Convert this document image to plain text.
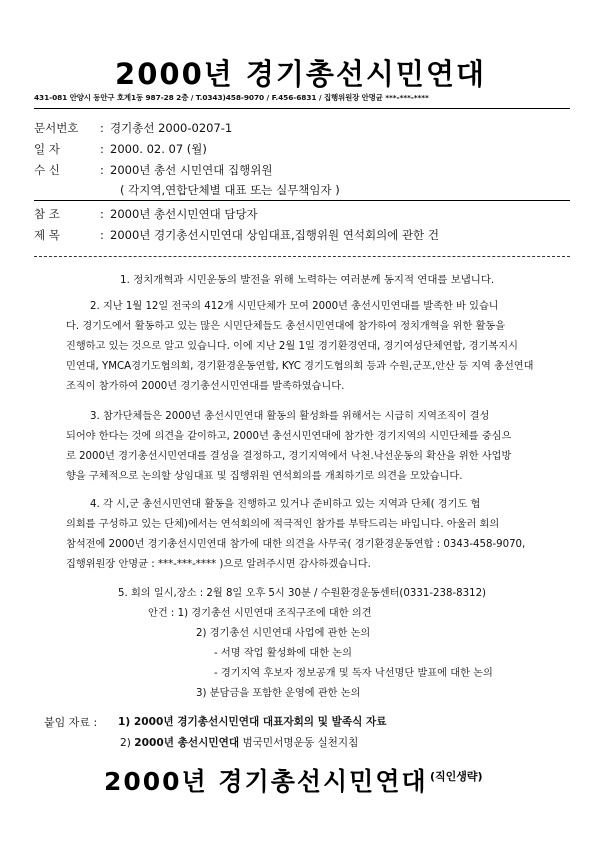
2000년 경기총선시민연대
431-081 안양시 동안구 호계1동 987-28 2층 / T.0343)458-9070 / F.456-6831 / 집행위원장 안명균 ***-***-****
문서번호 : 경기총선 2000-0207-1
일 자	: 2000. 02. 07 (월)
수 신	: 2000년 총선 시민연대 집행위원
( 각지역,연합단체별 대표 또는 실무책임자 )
참 조	: 2000년 총선시민연대 담당자
제 목	: 2000년 경기총선시민연대 상임대표,집행위원 연석회의에 관한 건
1. 정치개혁과 시민운동의 발전을 위해 노력하는 여러분께 동지적 연대를 보냅니다.
2. 지난 1월 12일 전국의 412개 시민단체가 모여 2000년 총선시민연대를 발족한 바 있습니
다. 경기도에서 활동하고 있는 많은 시민단체들도 총선시민연대에 참가하여 정치개혁을 위한 활동을
진행하고 있는 것으로 알고 있습니다. 이에 지난 2월 1일 경기환경연대, 경기여성단체연합, 경기복지시
민연대, YMCA경기도협의회, 경기환경운동연합, KYC 경기도협의회 등과 수원,군포,안산 등 지역 총선연대
조직이 참가하여 2000년 경기총선시민연대를 발족하였습니다.
3. 참가단체들은 2000년 총선시민연대 활동의 활성화를 위해서는 시급히 지역조직이 결성
되어야 한다는 것에 의견을 같이하고, 2000년 총선시민연대에 참가한 경기지역의 시민단체를 중심으
로 2000년 경기총선시민연대를 결성을 결정하고, 경기지역에서 낙천.낙선운동의 확산을 위한 사업방
향을 구체적으로 논의할 상임대표 및 집행위원 연석회의를 개최하기로 의견을 모았습니다.
4. 각 시,군 총선시민연대 활동을 진행하고 있거나 준비하고 있는 지역과 단체( 경기도 협
의회를 구성하고 있는 단체)에서는 연석회의에 적극적인 참가를 부탁드리는 바입니다. 아울러 회의
참석전에 2000년 경기총선시민연대 참가에 대한 의견을 사무국( 경기환경운동연합 : 0343-458-9070,
집행위원장 안명균 : ***-***-**** )으로 알려주시면 감사하겠습니다.
5. 회의 일시,장소 : 2월 8일 오후 5시 30분 / 수원환경운동센터(0331-238-8312)
안건 : 1) 경기총선 시민연대 조직구조에 대한 의견
2) 경기총선 시민연대 사업에 관한 논의
- 서명 작업 활성화에 대한 논의
- 경기지역 후보자 정보공개 및 독자 낙선명단 발표에 대한 논의
3) 분담금을 포함한 운영에 관한 논의
붙임 자료 : 1) 2000년 경기총선시민연대 대표자회의 및 발족식 자료
2) 2000년 총선시민연대 범국민서명운동 실천지침
2000년 경기총선시민연대 (직인생략)
